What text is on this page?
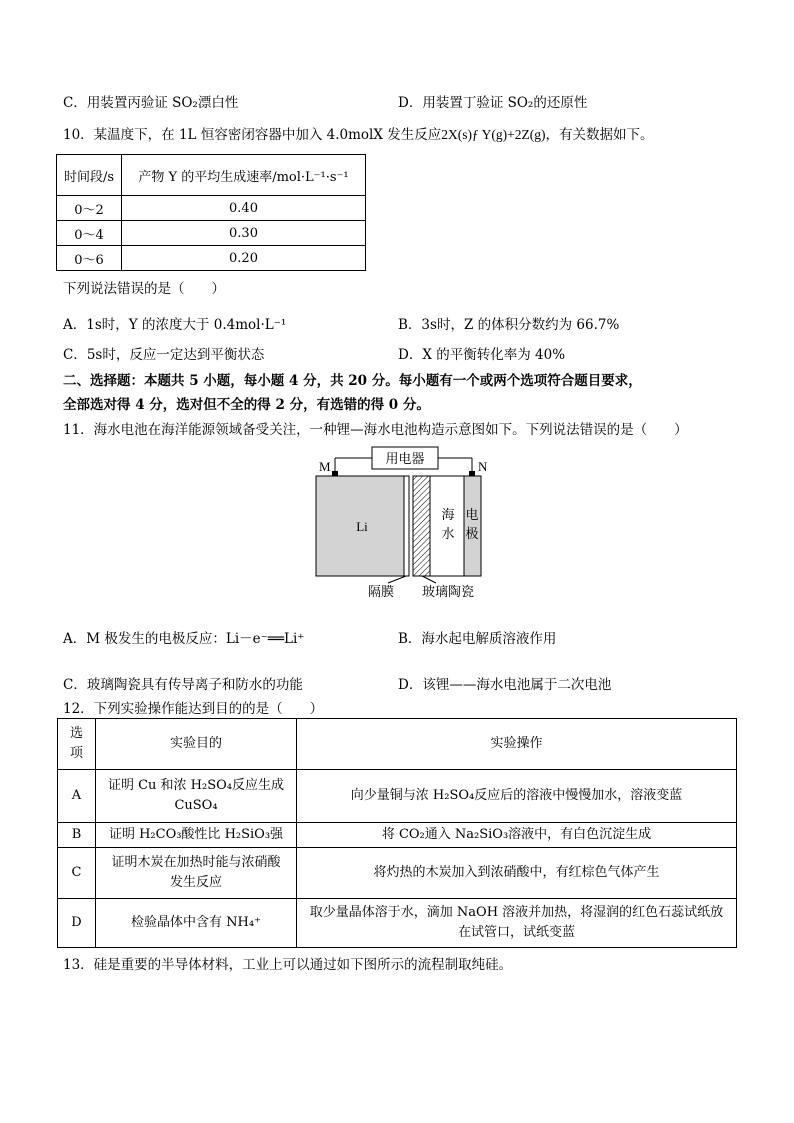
C．用装置丙验证 SO₂漂白性	D．用装置丁验证 SO₂的还原性
10．某温度下，在 1L 恒容密闭容器中加入 4.0molX 发生反应2X(s)ƒ Y(g)+2Z(g)，有关数据如下。
时间段/s	产物 Y 的平均生成速率/mol·L⁻¹·s⁻¹
0～2	0.40
0～4	0.30
0～6	0.20
下列说法错误的是（　　）
A．1s时，Y 的浓度大于 0.4mol·L⁻¹	B．3s时，Z 的体积分数约为 66.7%
C．5s时，反应一定达到平衡状态	D．X 的平衡转化率为 40%
二、选择题：本题共 5 小题，每小题 4 分，共 20 分。每小题有一个或两个选项符合题目要求，
全部选对得 4 分，选对但不全的得 2 分，有选错的得 0 分。
11．海水电池在海洋能源领域备受关注，一种锂—海水电池构造示意图如下。下列说法错误的是（　　）
用电器
M	N
Li
海
水
电
极
隔膜 玻璃陶瓷
A．M 极发生的电极反应：Li－e⁻══Li⁺	B．海水起电解质溶液作用
C．玻璃陶瓷具有传导离子和防水的功能	D．该锂——海水电池属于二次电池
12．下列实验操作能达到目的的是（　　）
选项	实验目的	实验操作
A	证明 Cu 和浓 H₂SO₄反应生成 CuSO₄	向少量铜与浓 H₂SO₄反应后的溶液中慢慢加水，溶液变蓝
B	证明 H₂CO₃酸性比 H₂SiO₃强	将 CO₂通入 Na₂SiO₃溶液中，有白色沉淀生成
C	证明木炭在加热时能与浓硝酸发生反应	将灼热的木炭加入到浓硝酸中，有红棕色气体产生
D	检验晶体中含有 NH₄⁺	取少量晶体溶于水，滴加 NaOH 溶液并加热，将湿润的红色石蕊试纸放在试管口，试纸变蓝
13．硅是重要的半导体材料，工业上可以通过如下图所示的流程制取纯硅。
